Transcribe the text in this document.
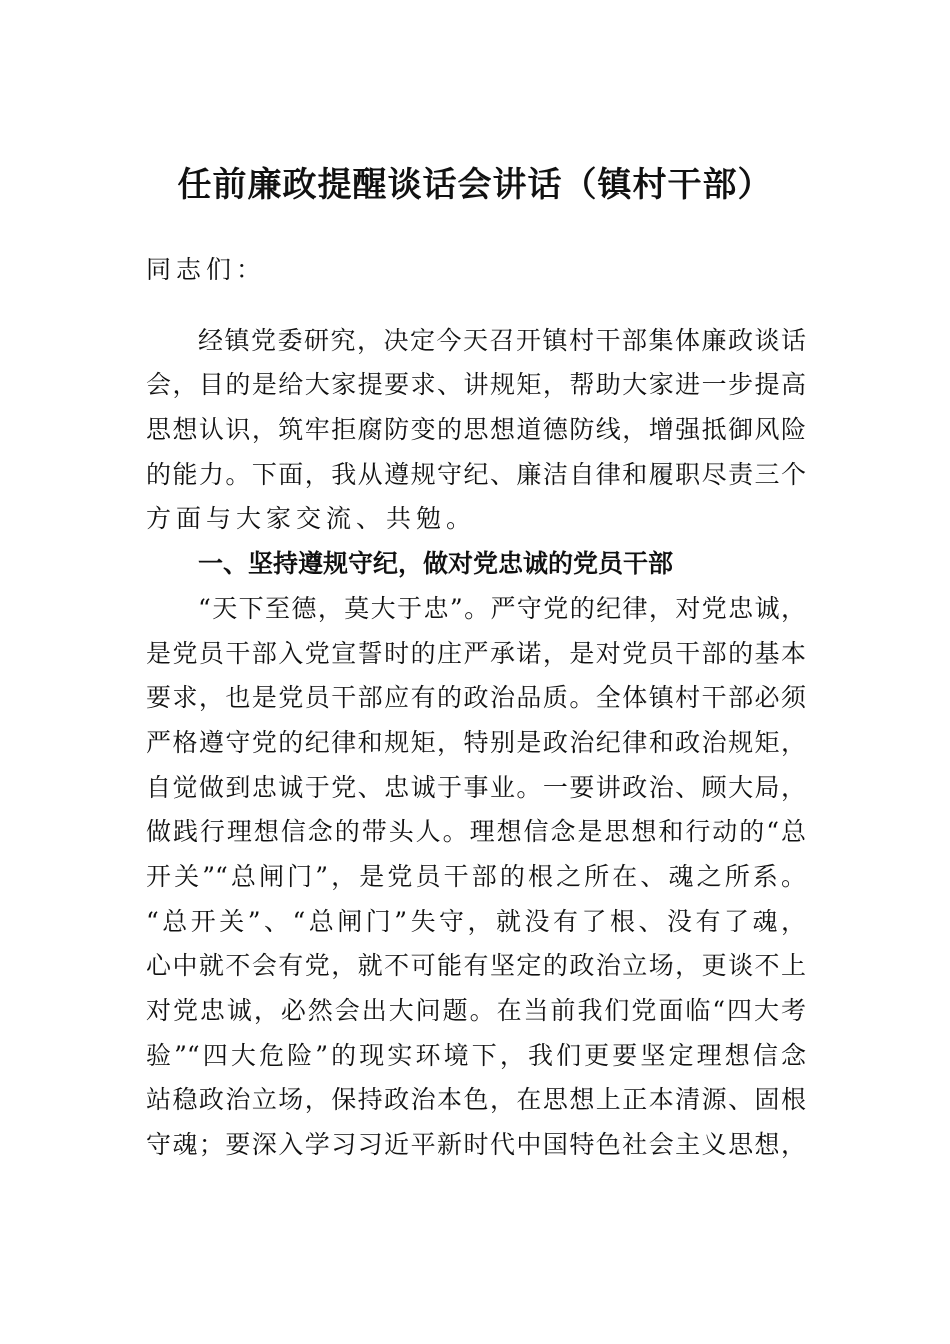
任前廉政提醒谈话会讲话（镇村干部）
同志们：
经镇党委研究，决定今天召开镇村干部集体廉政谈话
会，目的是给大家提要求、讲规矩，帮助大家进一步提高
思想认识，筑牢拒腐防变的思想道德防线，增强抵御风险
的能力。下面，我从遵规守纪、廉洁自律和履职尽责三个
方面与大家交流、共勉。
一、坚持遵规守纪，做对党忠诚的党员干部
“天下至德，莫大于忠”。严守党的纪律，对党忠诚，
是党员干部入党宣誓时的庄严承诺，是对党员干部的基本
要求，也是党员干部应有的政治品质。全体镇村干部必须
严格遵守党的纪律和规矩，特别是政治纪律和政治规矩，
自觉做到忠诚于党、忠诚于事业。一要讲政治、顾大局，
做践行理想信念的带头人。理想信念是思想和行动的“总
开关”“总闸门”，是党员干部的根之所在、魂之所系。
“总开关”、“总闸门”失守，就没有了根、没有了魂，
心中就不会有党，就不可能有坚定的政治立场，更谈不上
对党忠诚，必然会出大问题。在当前我们党面临“四大考
验”“四大危险”的现实环境下，我们更要坚定理想信念
站稳政治立场，保持政治本色，在思想上正本清源、固根
守魂；要深入学习习近平新时代中国特色社会主义思想，
